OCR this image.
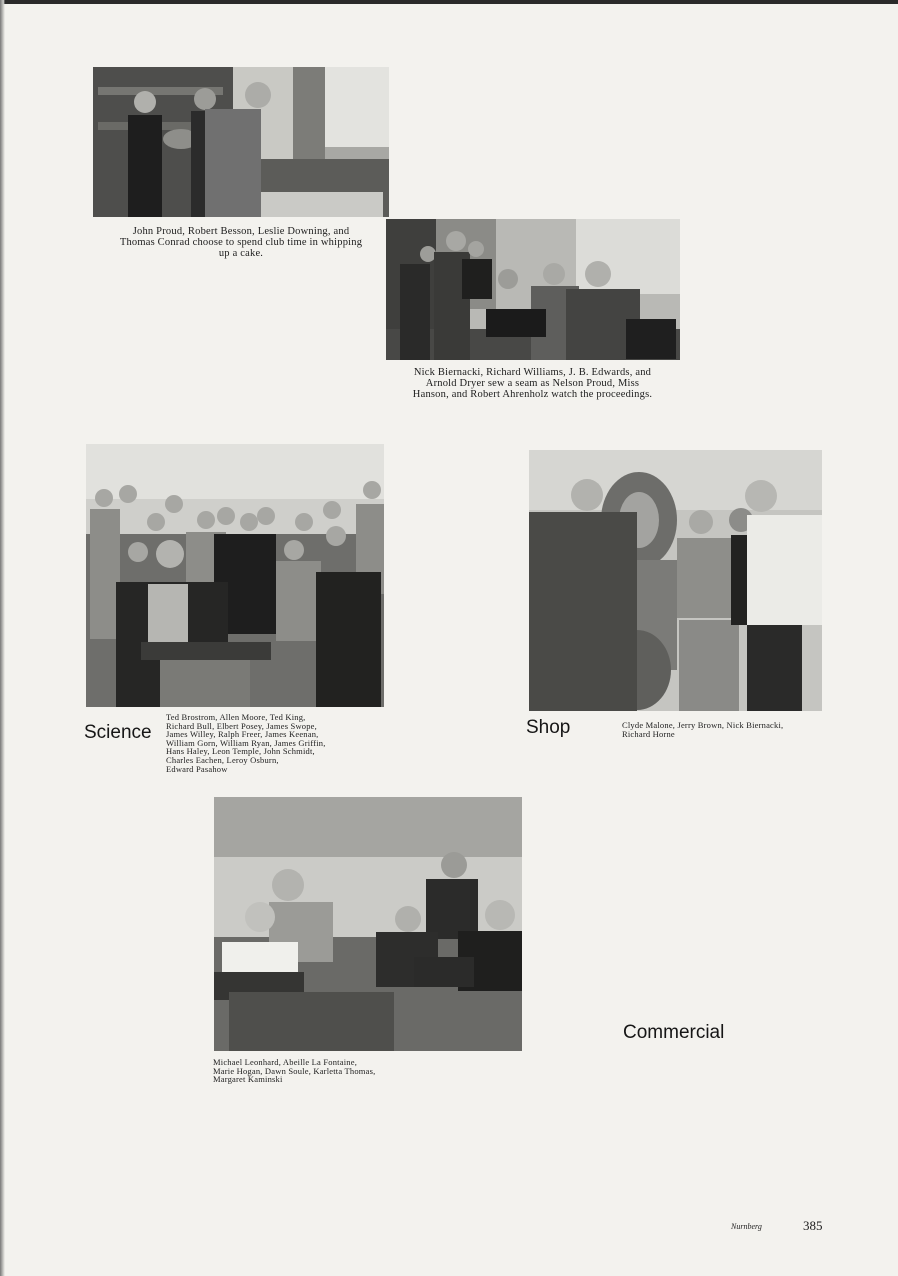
John Proud, Robert Besson, Leslie Downing, and
Thomas Conrad choose to spend club time in whipping
up a cake.
Nick Biernacki, Richard Williams, J. B. Edwards, and
Arnold Dryer sew a seam as Nelson Proud, Miss
Hanson, and Robert Ahrenholz watch the proceedings.
Science
Ted Brostrom, Allen Moore, Ted King,
Richard Bull, Elbert Posey, James Swope,
James Willey, Ralph Freer, James Keenan,
William Gorn, William Ryan, James Griffin,
Hans Haley, Leon Temple, John Schmidt,
Charles Eachen, Leroy Osburn,
Edward Pasahow
Shop	Clyde Malone, Jerry Brown, Nick Biernacki,
Richard Horne
Commercial
Michael Leonhard, Abeille La Fontaine,
Marie Hogan, Dawn Soule, Karletta Thomas,
Margaret Kaminski
Nurnberg	385
